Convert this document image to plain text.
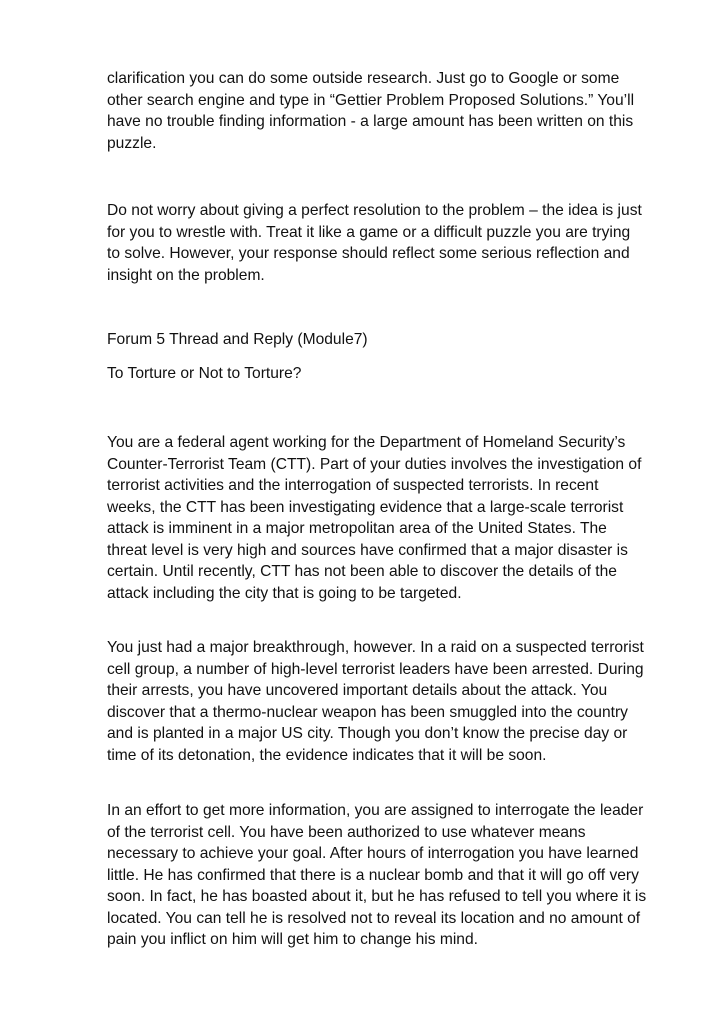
clarification you can do some outside research. Just go to Google or some
other search engine and type in “Gettier Problem Proposed Solutions.” You’ll
have no trouble finding information - a large amount has been written on this
puzzle.

Do not worry about giving a perfect resolution to the problem – the idea is just
for you to wrestle with. Treat it like a game or a difficult puzzle you are trying
to solve. However, your response should reflect some serious reflection and
insight on the problem.

Forum 5 Thread and Reply (Module7)

To Torture or Not to Torture?

You are a federal agent working for the Department of Homeland Security’s
Counter-Terrorist Team (CTT). Part of your duties involves the investigation of
terrorist activities and the interrogation of suspected terrorists. In recent
weeks, the CTT has been investigating evidence that a large-scale terrorist
attack is imminent in a major metropolitan area of the United States. The
threat level is very high and sources have confirmed that a major disaster is
certain. Until recently, CTT has not been able to discover the details of the
attack including the city that is going to be targeted.

You just had a major breakthrough, however. In a raid on a suspected terrorist
cell group, a number of high-level terrorist leaders have been arrested. During
their arrests, you have uncovered important details about the attack. You
discover that a thermo-nuclear weapon has been smuggled into the country
and is planted in a major US city. Though you don’t know the precise day or
time of its detonation, the evidence indicates that it will be soon.

In an effort to get more information, you are assigned to interrogate the leader
of the terrorist cell. You have been authorized to use whatever means
necessary to achieve your goal. After hours of interrogation you have learned
little. He has confirmed that there is a nuclear bomb and that it will go off very
soon. In fact, he has boasted about it, but he has refused to tell you where it is
located. You can tell he is resolved not to reveal its location and no amount of
pain you inflict on him will get him to change his mind.
